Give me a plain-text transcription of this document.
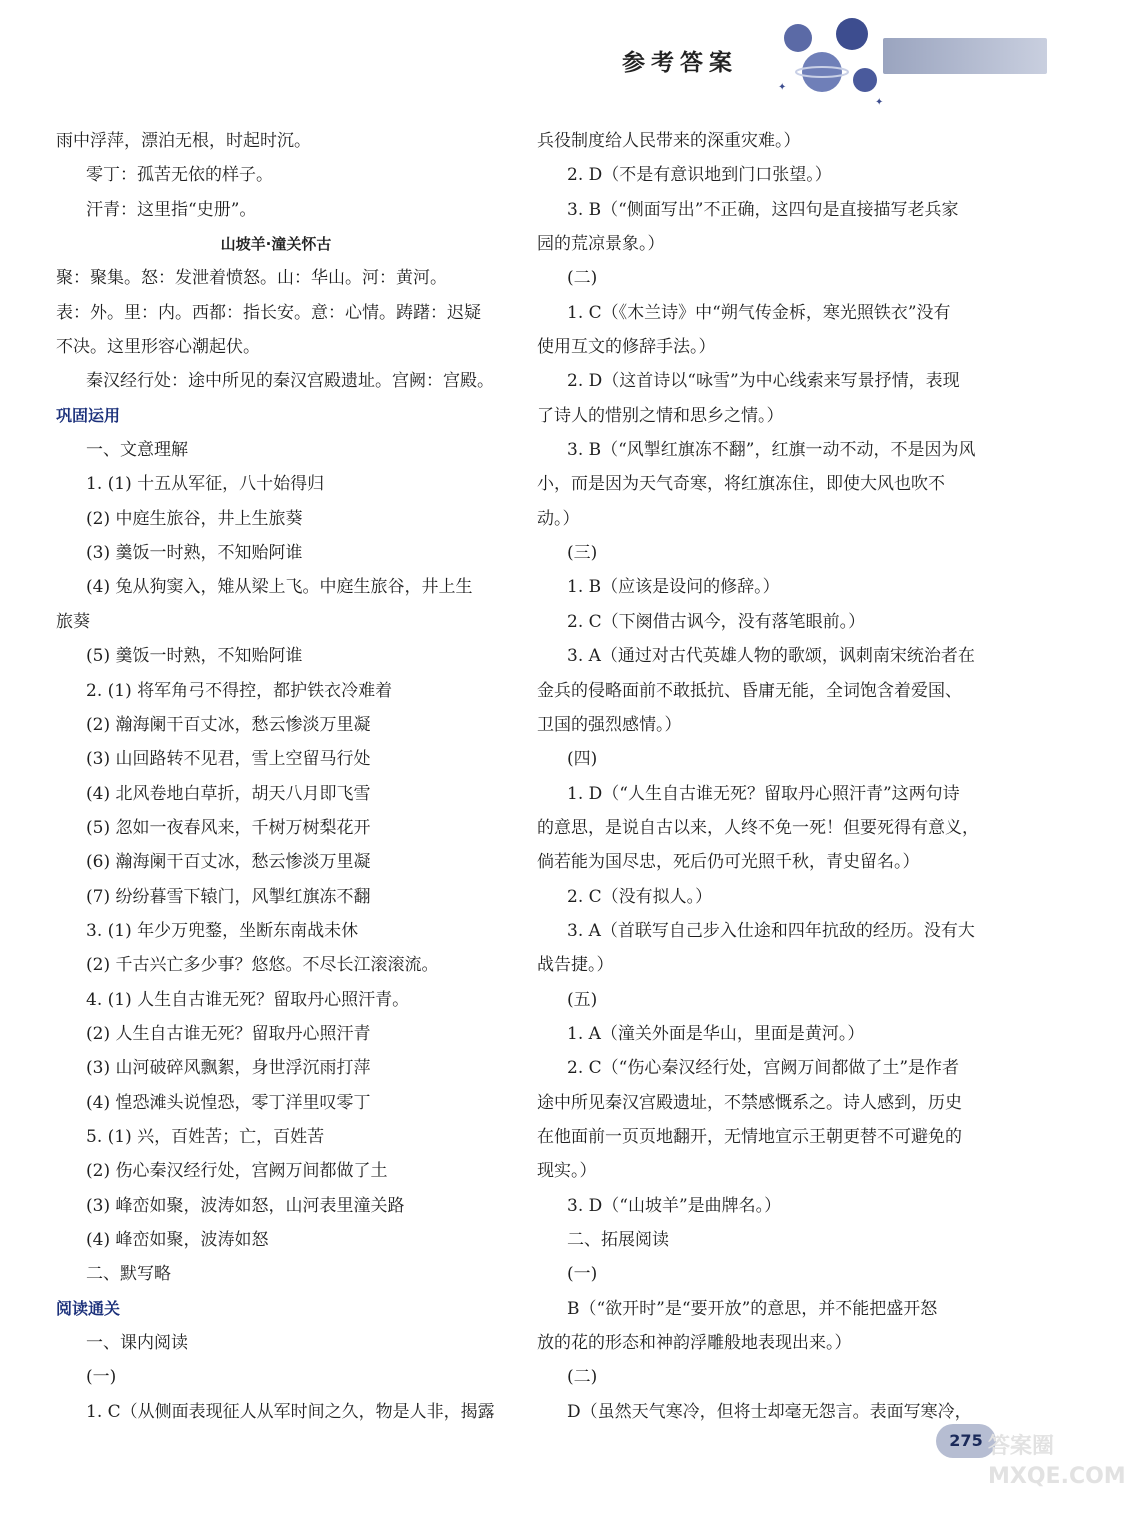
参考答案
✦
✦
雨中浮萍，漂泊无根，时起时沉。
零丁：孤苦无依的样子。
汗青：这里指“史册”。
山坡羊·潼关怀古
聚：聚集。怒：发泄着愤怒。山：华山。河：黄河。
表：外。里：内。西都：指长安。意：心情。踌躇：迟疑
不决。这里形容心潮起伏。
秦汉经行处：途中所见的秦汉宫殿遗址。宫阙：宫殿。
巩固运用
一、文意理解
1. (1) 十五从军征，八十始得归
(2) 中庭生旅谷，井上生旅葵
(3) 羹饭一时熟，不知贻阿谁
(4) 兔从狗窦入，雉从梁上飞。中庭生旅谷，井上生
旅葵
(5) 羹饭一时熟，不知贻阿谁
2. (1) 将军角弓不得控，都护铁衣冷难着
(2) 瀚海阑干百丈冰，愁云惨淡万里凝
(3) 山回路转不见君，雪上空留马行处
(4) 北风卷地白草折，胡天八月即飞雪
(5) 忽如一夜春风来，千树万树梨花开
(6) 瀚海阑干百丈冰，愁云惨淡万里凝
(7) 纷纷暮雪下辕门，风掣红旗冻不翻
3. (1) 年少万兜鍪，坐断东南战未休
(2) 千古兴亡多少事？悠悠。不尽长江滚滚流。
4. (1) 人生自古谁无死？留取丹心照汗青。
(2) 人生自古谁无死？留取丹心照汗青
(3) 山河破碎风飘絮，身世浮沉雨打萍
(4) 惶恐滩头说惶恐，零丁洋里叹零丁
5. (1) 兴，百姓苦；亡，百姓苦
(2) 伤心秦汉经行处，宫阙万间都做了土
(3) 峰峦如聚，波涛如怒，山河表里潼关路
(4) 峰峦如聚，波涛如怒
二、默写略
阅读通关
一、课内阅读
(一)
1. C（从侧面表现征人从军时间之久，物是人非，揭露
兵役制度给人民带来的深重灾难。）
2. D（不是有意识地到门口张望。）
3. B（“侧面写出”不正确，这四句是直接描写老兵家
园的荒凉景象。）
(二)
1. C（《木兰诗》中“朔气传金柝，寒光照铁衣”没有
使用互文的修辞手法。）
2. D（这首诗以“咏雪”为中心线索来写景抒情，表现
了诗人的惜别之情和思乡之情。）
3. B（“风掣红旗冻不翻”，红旗一动不动，不是因为风
小，而是因为天气奇寒，将红旗冻住，即使大风也吹不
动。）
(三)
1. B（应该是设问的修辞。）
2. C（下阕借古讽今，没有落笔眼前。）
3. A（通过对古代英雄人物的歌颂，讽刺南宋统治者在
金兵的侵略面前不敢抵抗、昏庸无能，全词饱含着爱国、
卫国的强烈感情。）
(四)
1. D（“人生自古谁无死？留取丹心照汗青”这两句诗
的意思，是说自古以来，人终不免一死！但要死得有意义，
倘若能为国尽忠，死后仍可光照千秋，青史留名。）
2. C（没有拟人。）
3. A（首联写自己步入仕途和四年抗敌的经历。没有大
战告捷。）
(五)
1. A（潼关外面是华山，里面是黄河。）
2. C（“伤心秦汉经行处，宫阙万间都做了土”是作者
途中所见秦汉宫殿遗址，不禁感慨系之。诗人感到，历史
在他面前一页页地翻开，无情地宣示王朝更替不可避免的
现实。）
3. D（“山坡羊”是曲牌名。）
二、拓展阅读
(一)
B（“欲开时”是“要开放”的意思，并不能把盛开怒
放的花的形态和神韵浮雕般地表现出来。）
(二)
D（虽然天气寒冷，但将士却毫无怨言。表面写寒冷，
275 答案圈 MXQE.COM
